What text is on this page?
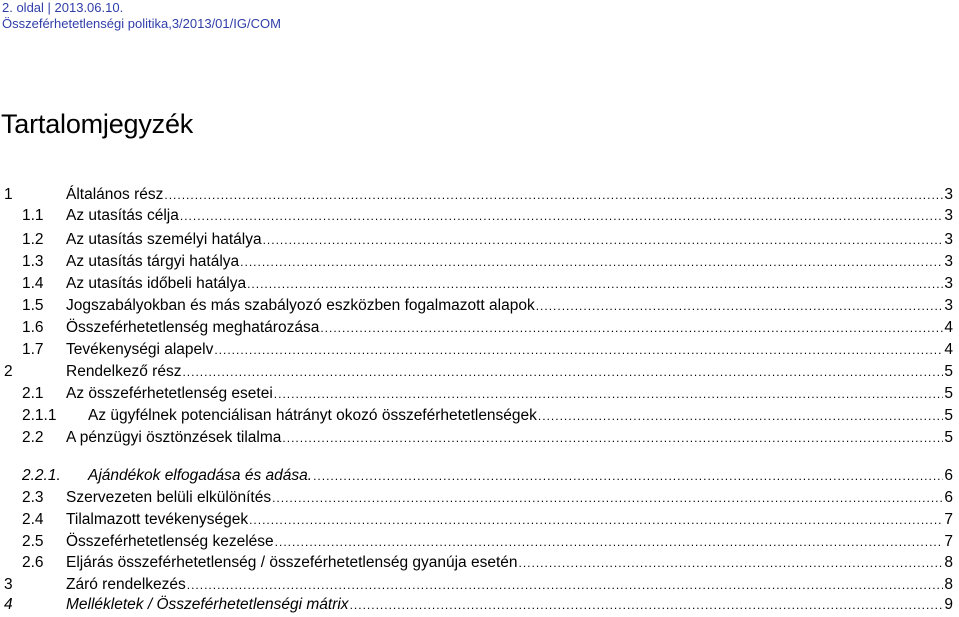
2. oldal | 2013.06.10.
Összeférhetetlenségi politika,3/2013/01/IG/COM
Tartalomjegyzék
1	Általános rész .....	3
1.1 Az utasítás célja .....	3
1.2 Az utasítás személyi hatálya .....	3
1.3 Az utasítás tárgyi hatálya .....	3
1.4 Az utasítás időbeli hatálya .....	3
1.5 Jogszabályokban és más szabályozó eszközben fogalmazott alapok .....	3
1.6 Összeférhetetlenség meghatározása .....	4
1.7 Tevékenységi alapelv .....	4
2	Rendelkező rész .....	5
2.1 Az összeférhetetlenség esetei .....	5
2.1.1 Az ügyfélnek potenciálisan hátrányt okozó összeférhetetlenségek .....	5
2.2 A pénzügyi ösztönzések tilalma .....	5
2.2.1. Ajándékok elfogadása és adása. .....	6
2.3 Szervezeten belüli elkülönítés .....	6
2.4 Tilalmazott tevékenységek .....	7
2.5 Összeférhetetlenség kezelése .....	7
2.6 Eljárás összeférhetetlenség / összeférhetetlenség gyanúja esetén .....	8
3	Záró rendelkezés .....	8
4	Mellékletek / Összeférhetetlenségi mátrix .....	9
